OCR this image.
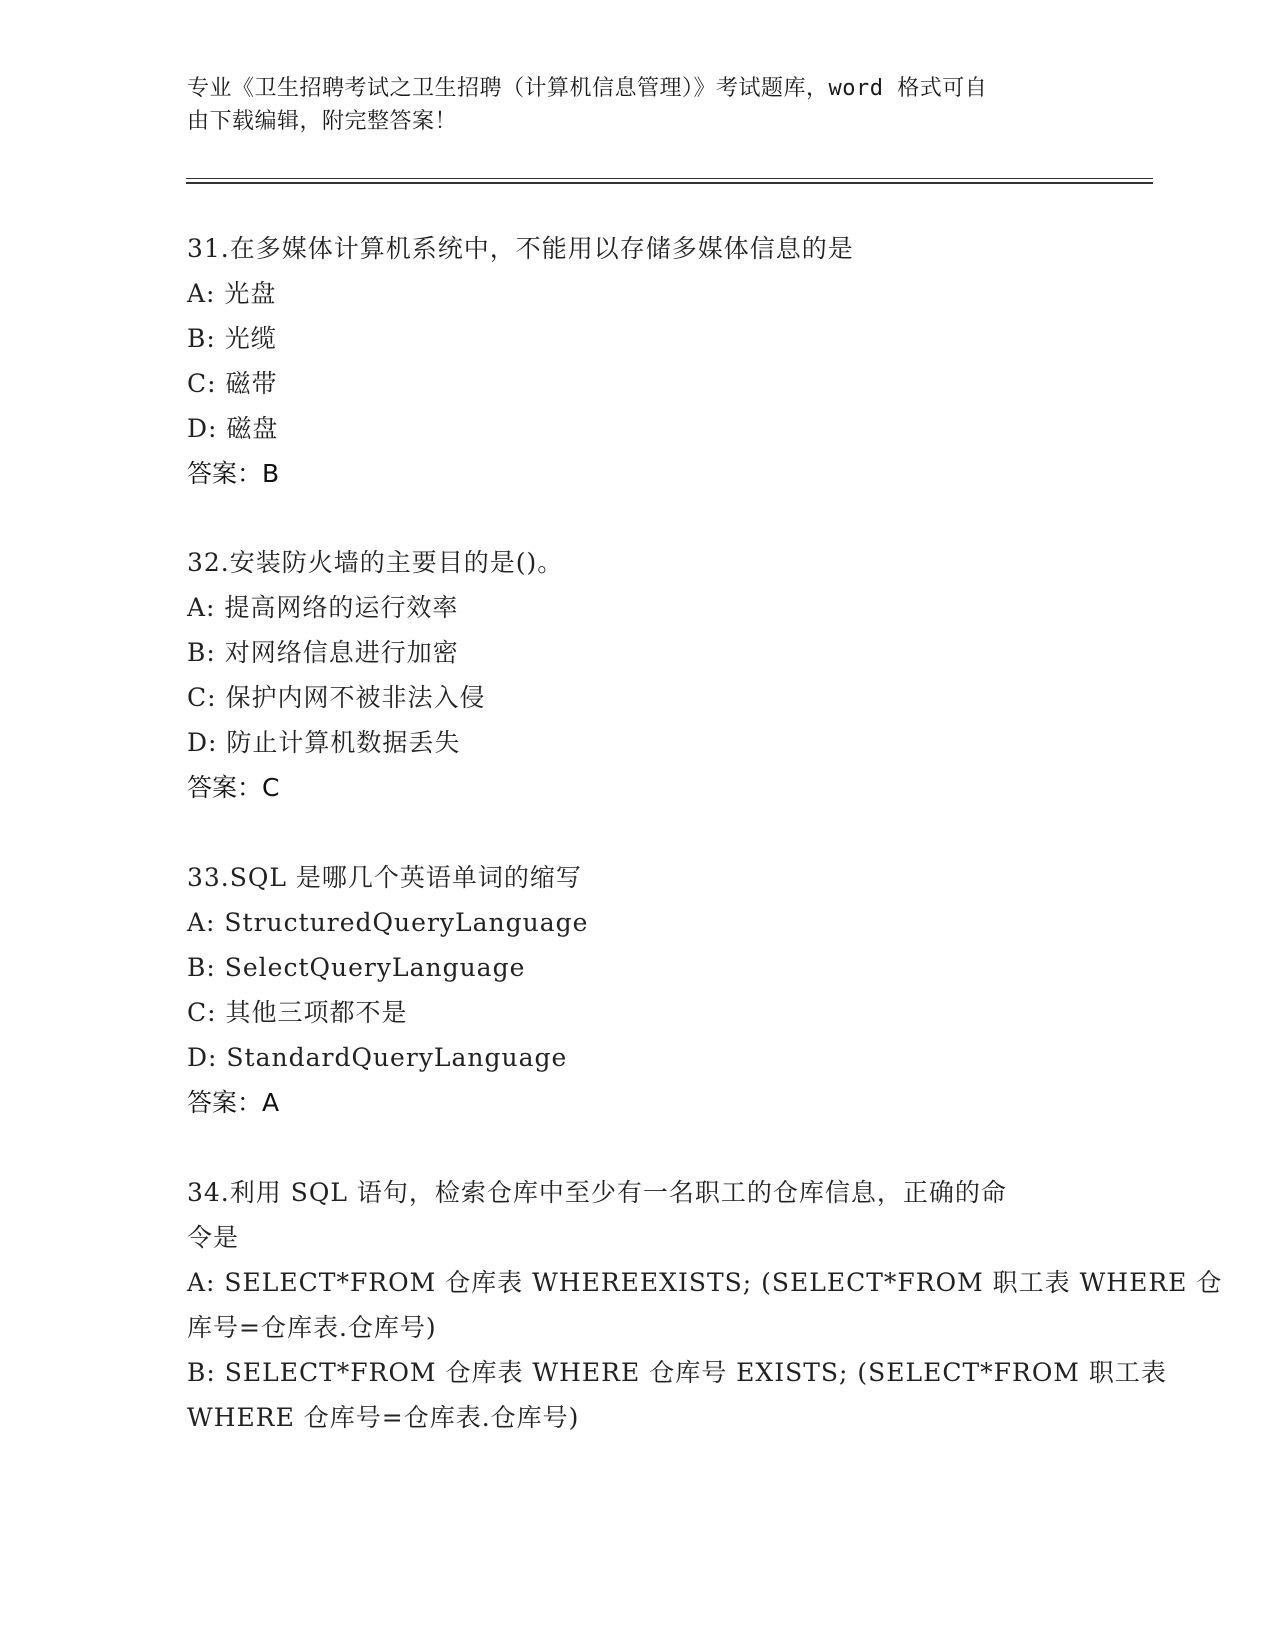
专业《卫生招聘考试之卫生招聘（计算机信息管理）》考试题库，word 格式可自
由下载编辑，附完整答案！
31.在多媒体计算机系统中，不能用以存储多媒体信息的是
A: 光盘
B: 光缆
C: 磁带
D: 磁盘
答案：B
32.安装防火墙的主要目的是()。
A: 提高网络的运行效率
B: 对网络信息进行加密
C: 保护内网不被非法入侵
D: 防止计算机数据丢失
答案：C
33.SQL 是哪几个英语单词的缩写
A: StructuredQueryLanguage
B: SelectQueryLanguage
C: 其他三项都不是
D: StandardQueryLanguage
答案：A
34.利用 SQL 语句，检索仓库中至少有一名职工的仓库信息，正确的命
令是
A: SELECT*FROM 仓库表 WHEREEXISTS; (SELECT*FROM 职工表 WHERE 仓
库号=仓库表.仓库号)
B: SELECT*FROM 仓库表 WHERE 仓库号 EXISTS; (SELECT*FROM 职工表
WHERE 仓库号=仓库表.仓库号)
